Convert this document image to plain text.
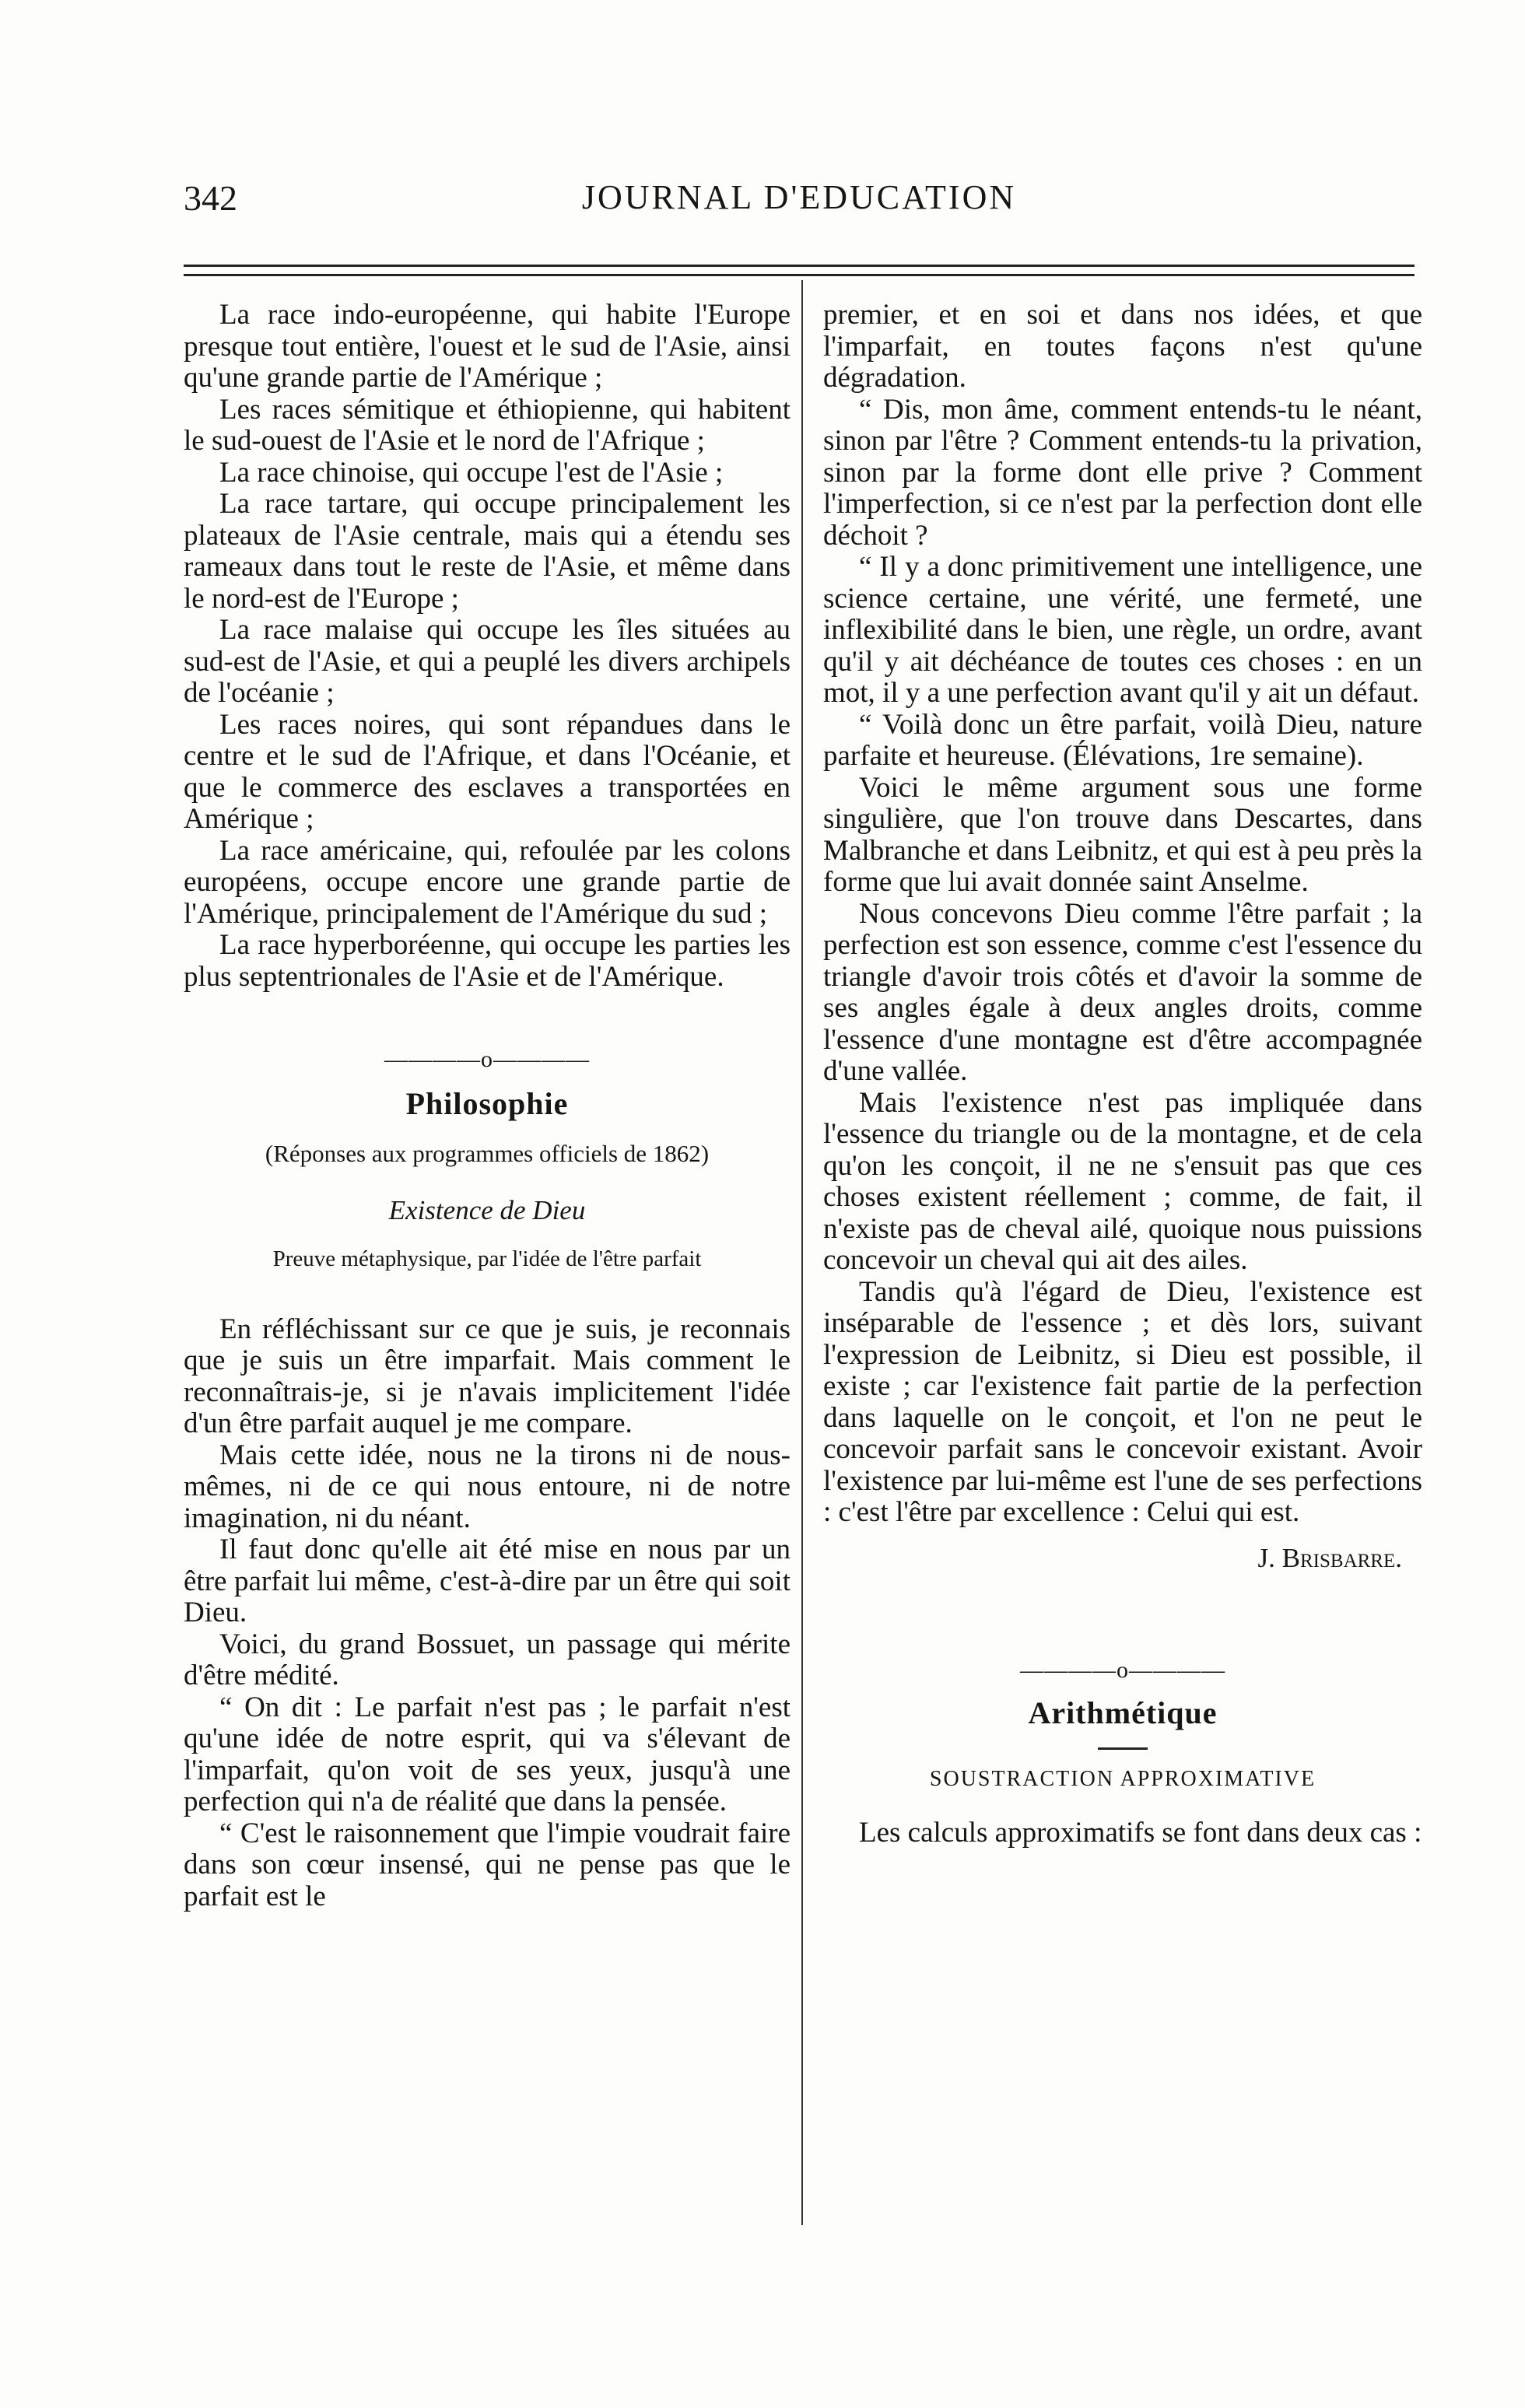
342	JOURNAL D'EDUCATION

La race indo-européenne, qui habite l'Europe presque tout entière, l'ouest et le sud de l'Asie, ainsi qu'une grande partie de l'Amérique ;

Les races sémitique et éthiopienne, qui habitent le sud-ouest de l'Asie et le nord de l'Afrique ;

La race chinoise, qui occupe l'est de l'Asie ;

La race tartare, qui occupe principalement les plateaux de l'Asie centrale, mais qui a étendu ses rameaux dans tout le reste de l'Asie, et même dans le nord-est de l'Europe ;

La race malaise qui occupe les îles situées au sud-est de l'Asie, et qui a peuplé les divers archipels de l'océanie ;

Les races noires, qui sont répandues dans le centre et le sud de l'Afrique, et dans l'Océanie, et que le commerce des esclaves a transportées en Amérique ;

La race américaine, qui, refoulée par les colons européens, occupe encore une grande partie de l'Amérique, principalement de l'Amérique du sud ;

La race hyperboréenne, qui occupe les parties les plus septentrionales de l'Asie et de l'Amérique.

————o————
Philosophie
(Réponses aux programmes officiels de 1862)
Existence de Dieu
Preuve métaphysique, par l'idée de l'être parfait

En réfléchissant sur ce que je suis, je reconnais que je suis un être imparfait. Mais comment le reconnaîtrais-je, si je n'avais implicitement l'idée d'un être parfait auquel je me compare.

Mais cette idée, nous ne la tirons ni de nous-mêmes, ni de ce qui nous entoure, ni de notre imagination, ni du néant.

Il faut donc qu'elle ait été mise en nous par un être parfait lui même, c'est-à-dire par un être qui soit Dieu.

Voici, du grand Bossuet, un passage qui mérite d'être médité.

“ On dit : Le parfait n'est pas ; le parfait n'est qu'une idée de notre esprit, qui va s'élevant de l'imparfait, qu'on voit de ses yeux, jusqu'à une perfection qui n'a de réalité que dans la pensée.

“ C'est le raisonnement que l'impie voudrait faire dans son cœur insensé, qui ne pense pas que le parfait est le

premier, et en soi et dans nos idées, et que l'imparfait, en toutes façons n'est qu'une dégradation.

“ Dis, mon âme, comment entends-tu le néant, sinon par l'être ? Comment entends-tu la privation, sinon par la forme dont elle prive ? Comment l'imperfection, si ce n'est par la perfection dont elle déchoit ?

“ Il y a donc primitivement une intelligence, une science certaine, une vérité, une fermeté, une inflexibilité dans le bien, une règle, un ordre, avant qu'il y ait déchéance de toutes ces choses : en un mot, il y a une perfection avant qu'il y ait un défaut.

“ Voilà donc un être parfait, voilà Dieu, nature parfaite et heureuse. (Élévations, 1re semaine).

Voici le même argument sous une forme singulière, que l'on trouve dans Descartes, dans Malbranche et dans Leibnitz, et qui est à peu près la forme que lui avait donnée saint Anselme.

Nous concevons Dieu comme l'être parfait ; la perfection est son essence, comme c'est l'essence du triangle d'avoir trois côtés et d'avoir la somme de ses angles égale à deux angles droits, comme l'essence d'une montagne est d'être accompagnée d'une vallée.

Mais l'existence n'est pas impliquée dans l'essence du triangle ou de la montagne, et de cela qu'on les conçoit, il ne ne s'ensuit pas que ces choses existent réellement ; comme, de fait, il n'existe pas de cheval ailé, quoique nous puissions concevoir un cheval qui ait des ailes.

Tandis qu'à l'égard de Dieu, l'existence est inséparable de l'essence ; et dès lors, suivant l'expression de Leibnitz, si Dieu est possible, il existe ; car l'existence fait partie de la perfection dans laquelle on le conçoit, et l'on ne peut le concevoir parfait sans le concevoir existant. Avoir l'existence par lui-même est l'une de ses perfections : c'est l'être par excellence : Celui qui est.

J. Brisbarre.
————o————
Arithmétique
SOUSTRACTION APPROXIMATIVE

Les calculs approximatifs se font dans deux cas :
